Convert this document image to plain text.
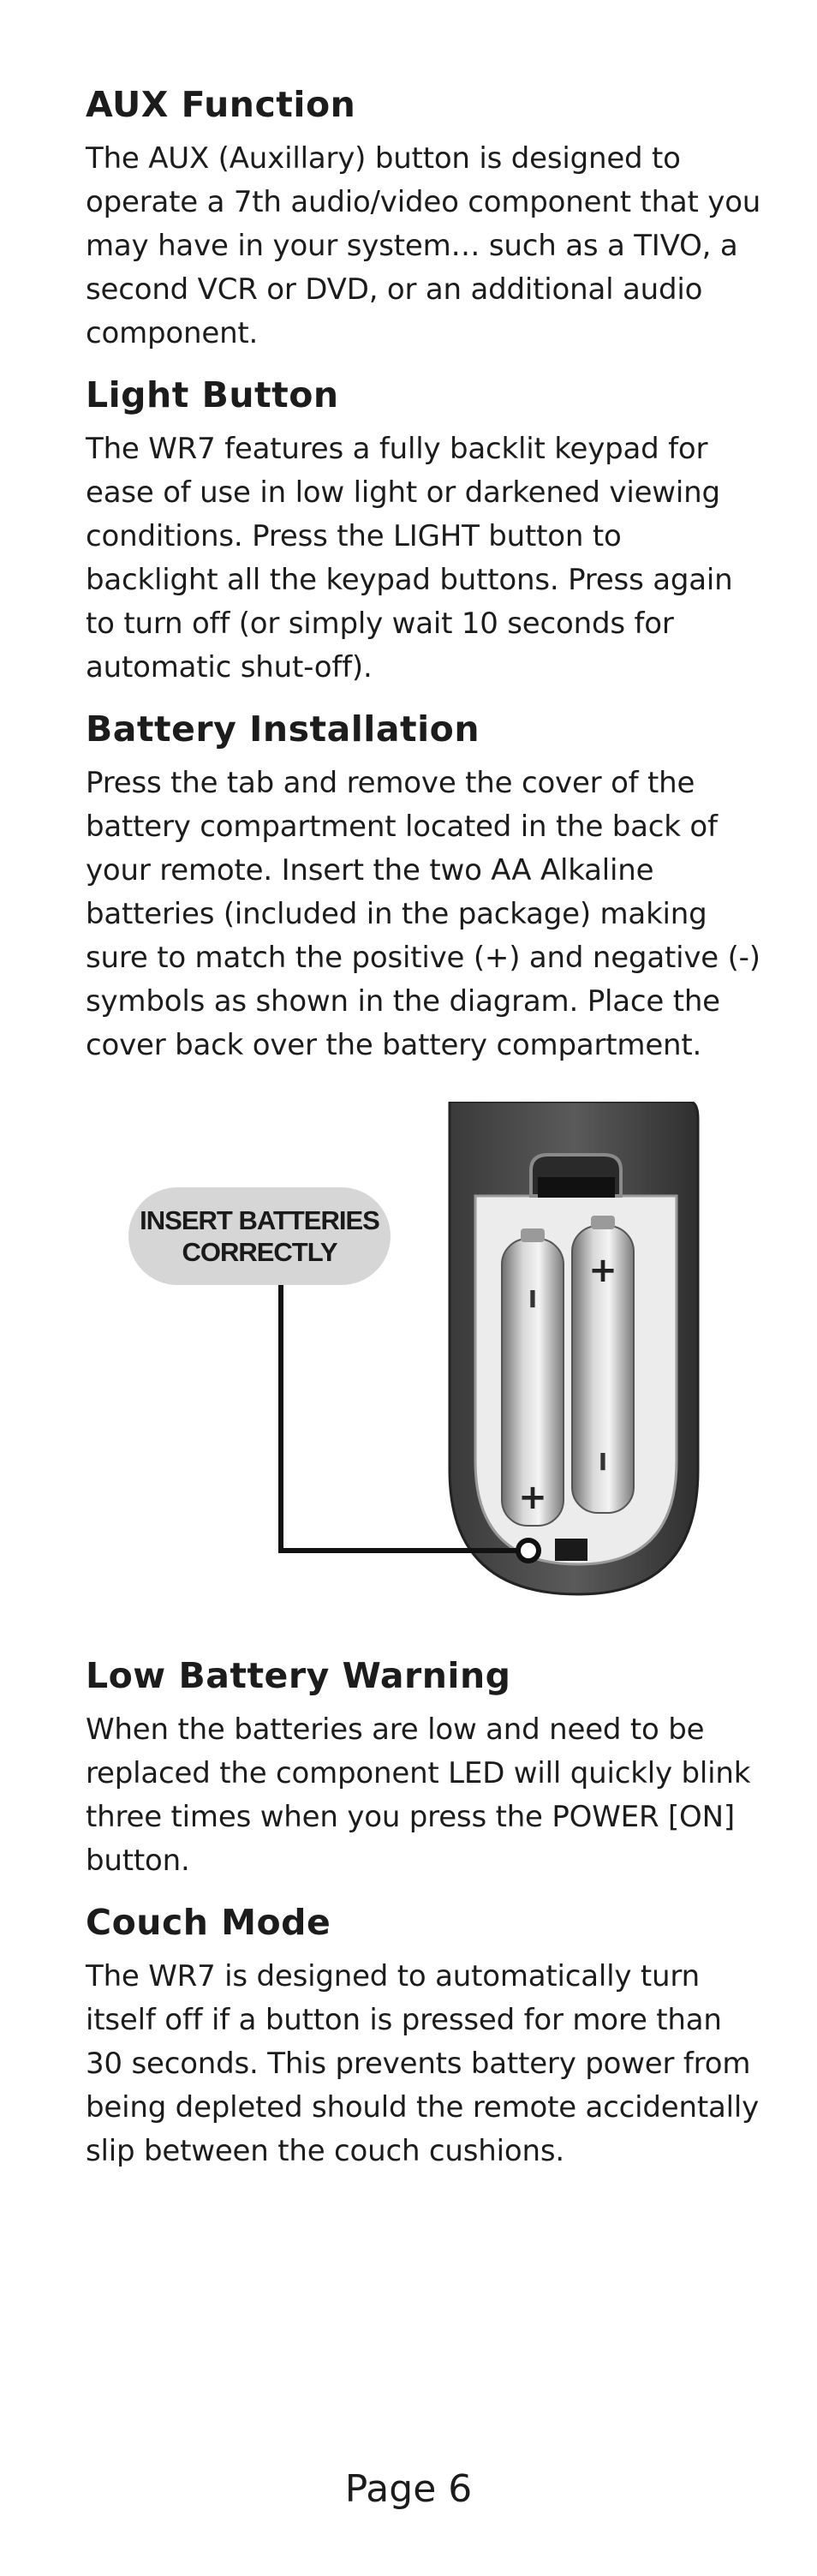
AUX Function

The AUX (Auxillary) button is designed to operate a 7th audio/video component that you may have in your system… such as a TIVO, a second VCR or DVD, or an additional audio component.

Light Button

The WR7 features a fully backlit keypad for ease of use in low light or darkened viewing conditions. Press the LIGHT button to backlight all the keypad buttons. Press again to turn off (or simply wait 10 seconds for automatic shut-off).

Battery Installation

Press the tab and remove the cover of the battery compartment located in the back of your remote. Insert the two AA Alkaline batteries (included in the package) making sure to match the positive (+) and negative (-) symbols as shown in the diagram. Place the cover back over the battery compartment.

I
+
+
I
INSERT BATTERIES
CORRECTLY
Low Battery Warning

When the batteries are low and need to be replaced the component LED will quickly blink three times when you press the POWER [ON] button.

Couch Mode

The WR7 is designed to automatically turn itself off if a button is pressed for more than 30 seconds. This prevents battery power from being depleted should the remote accidentally slip between the couch cushions.

Page 6
